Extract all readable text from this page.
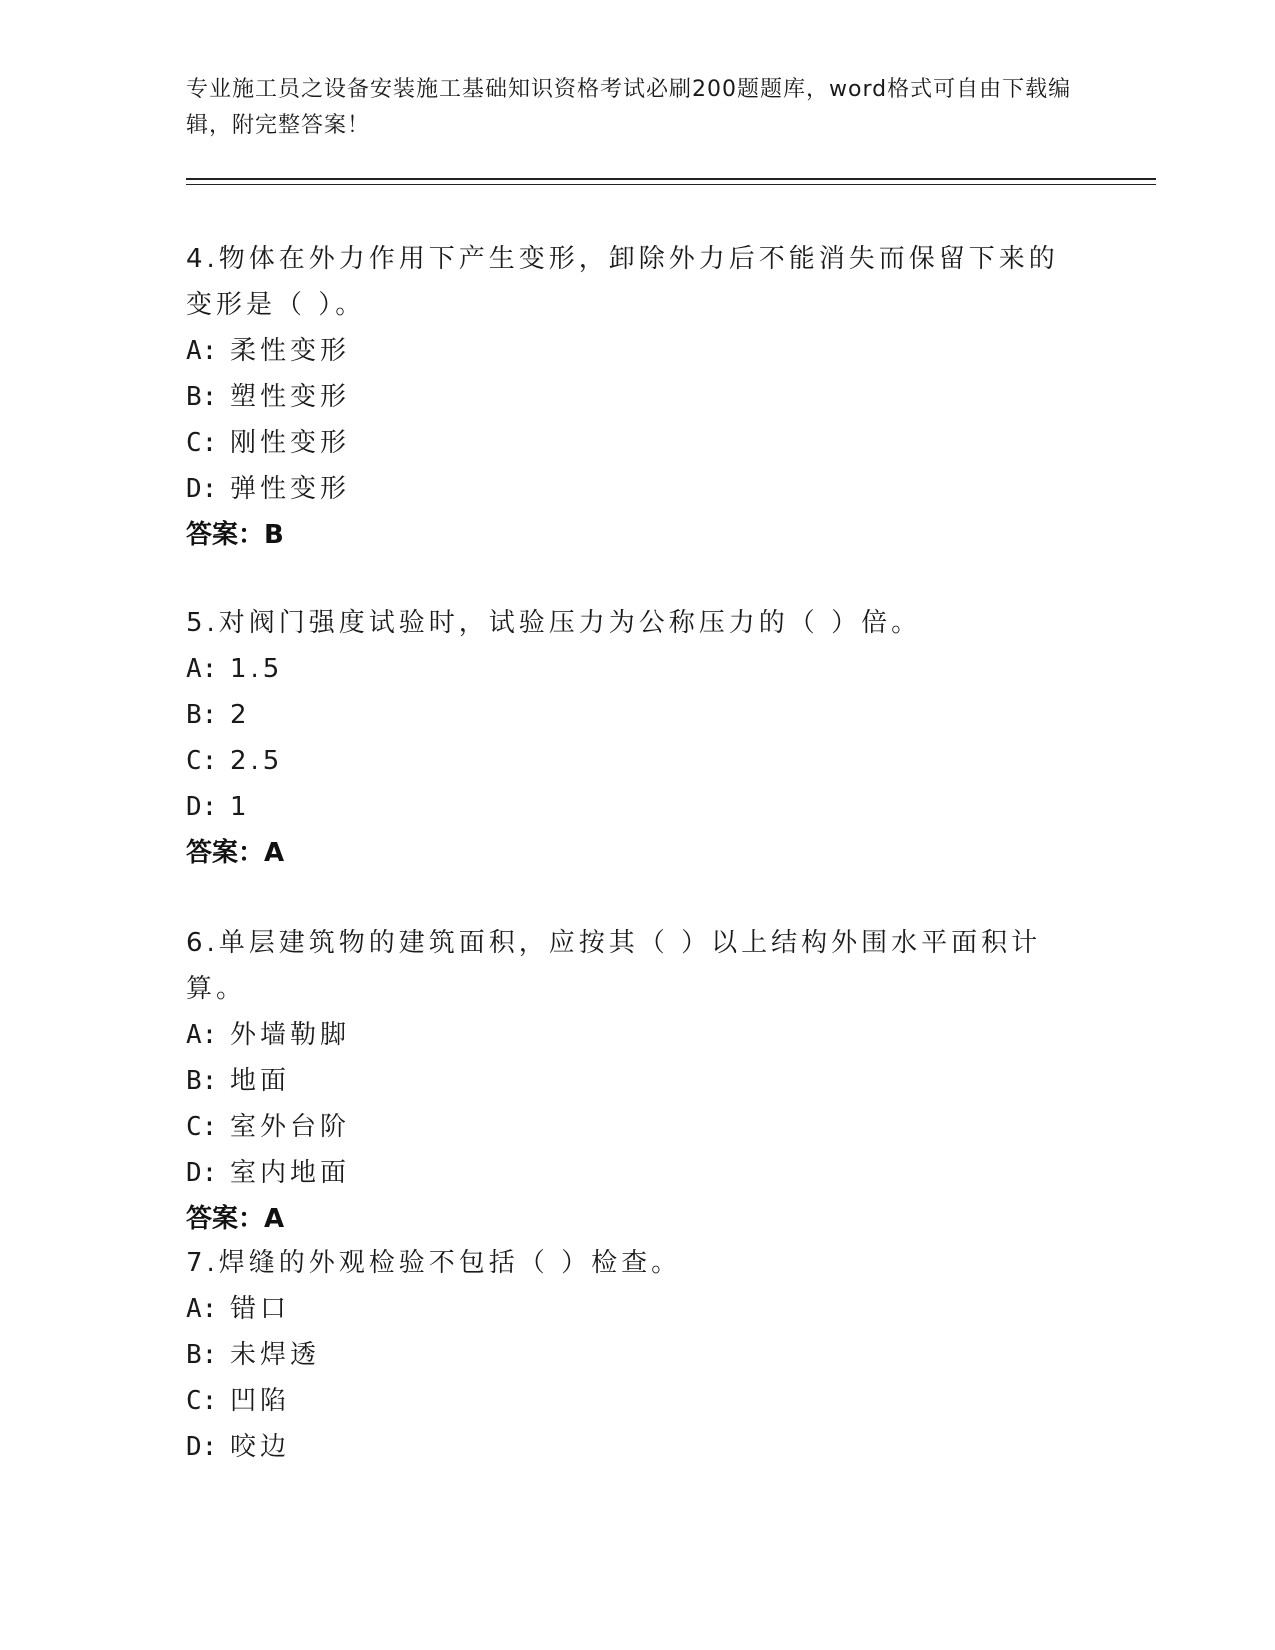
专业施工员之设备安装施工基础知识资格考试必刷200题题库，word格式可自由下载编辑，附完整答案！

4.物体在外力作用下产生变形，卸除外力后不能消失而保留下来的变形是（ ）。

A: 柔性变形

B: 塑性变形

C: 刚性变形

D: 弹性变形

答案：B

5.对阀门强度试验时，试验压力为公称压力的（ ）倍。

A: 1.5

B: 2

C: 2.5

D: 1

答案：A

6.单层建筑物的建筑面积，应按其（ ）以上结构外围水平面积计算。

A: 外墙勒脚

B: 地面

C: 室外台阶

D: 室内地面

答案：A

7.焊缝的外观检验不包括（ ）检查。

A: 错口

B: 未焊透

C: 凹陷

D: 咬边
